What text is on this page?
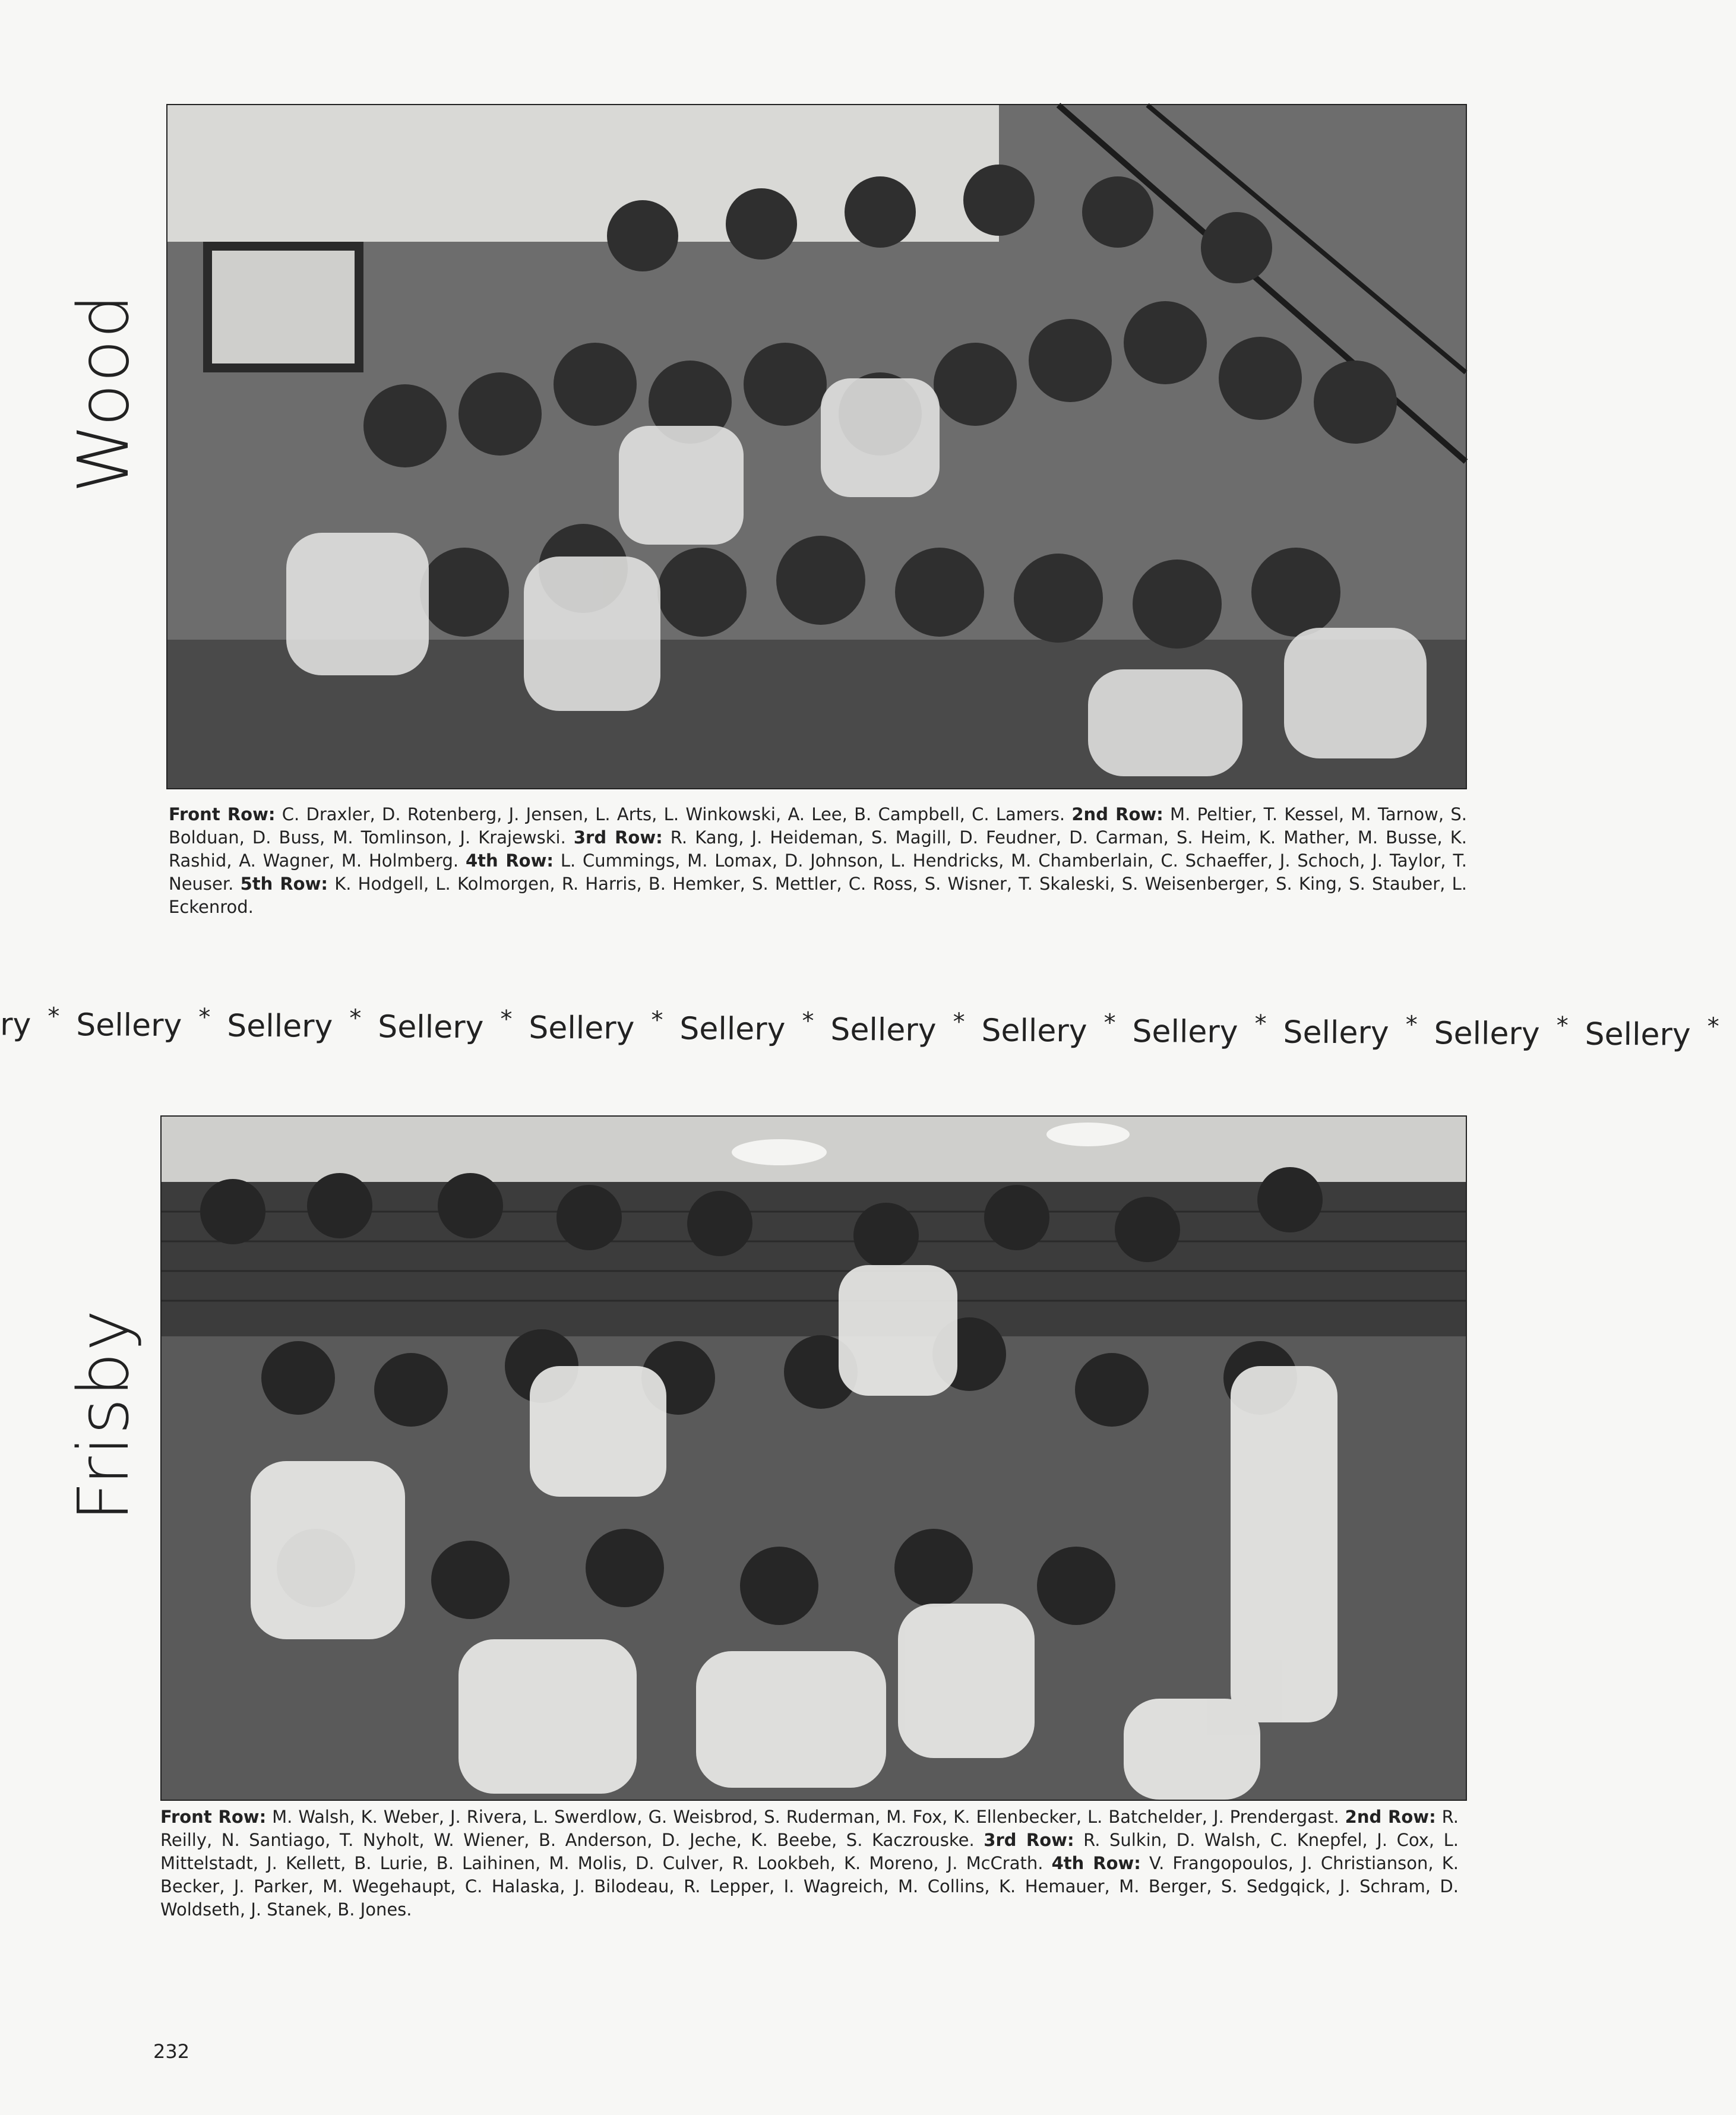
Wood
Front Row: C. Draxler, D. Rotenberg, J. Jensen, L. Arts, L. Winkowski, A. Lee, B. Campbell, C. Lamers. 2nd Row: M. Peltier, T. Kessel, M. Tarnow, S. Bolduan, D. Buss, M. Tomlinson, J. Krajewski. 3rd Row: R. Kang, J. Heideman, S. Magill, D. Feudner, D. Carman, S. Heim, K. Mather, M. Busse, K. Rashid, A. Wagner, M. Holmberg. 4th Row: L. Cummings, M. Lomax, D. Johnson, L. Hendricks, M. Chamberlain, C. Schaeffer, J. Schoch, J. Taylor, T. Neuser. 5th Row: K. Hodgell, L. Kolmorgen, R. Harris, B. Hemker, S. Mettler, C. Ross, S. Wisner, T. Skaleski, S. Weisenberger, S. King, S. Stauber, L. Eckenrod.
ry * Sellery * Sellery * Sellery * Sellery * Sellery * Sellery * Sellery * Sellery * Sellery * Sellery * Sellery *
Frisby
Front Row: M. Walsh, K. Weber, J. Rivera, L. Swerdlow, G. Weisbrod, S. Ruderman, M. Fox, K. Ellenbecker, L. Batchelder, J. Prendergast. 2nd Row: R. Reilly, N. Santiago, T. Nyholt, W. Wiener, B. Anderson, D. Jeche, K. Beebe, S. Kaczrouske. 3rd Row: R. Sulkin, D. Walsh, C. Knepfel, J. Cox, L. Mittelstadt, J. Kellett, B. Lurie, B. Laihinen, M. Molis, D. Culver, R. Lookbeh, K. Moreno, J. McCrath. 4th Row: V. Frangopoulos, J. Christianson, K. Becker, J. Parker, M. Wegehaupt, C. Halaska, J. Bilodeau, R. Lepper, I. Wagreich, M. Collins, K. Hemauer, M. Berger, S. Sedgqick, J. Schram, D. Woldseth, J. Stanek, B. Jones.
232
